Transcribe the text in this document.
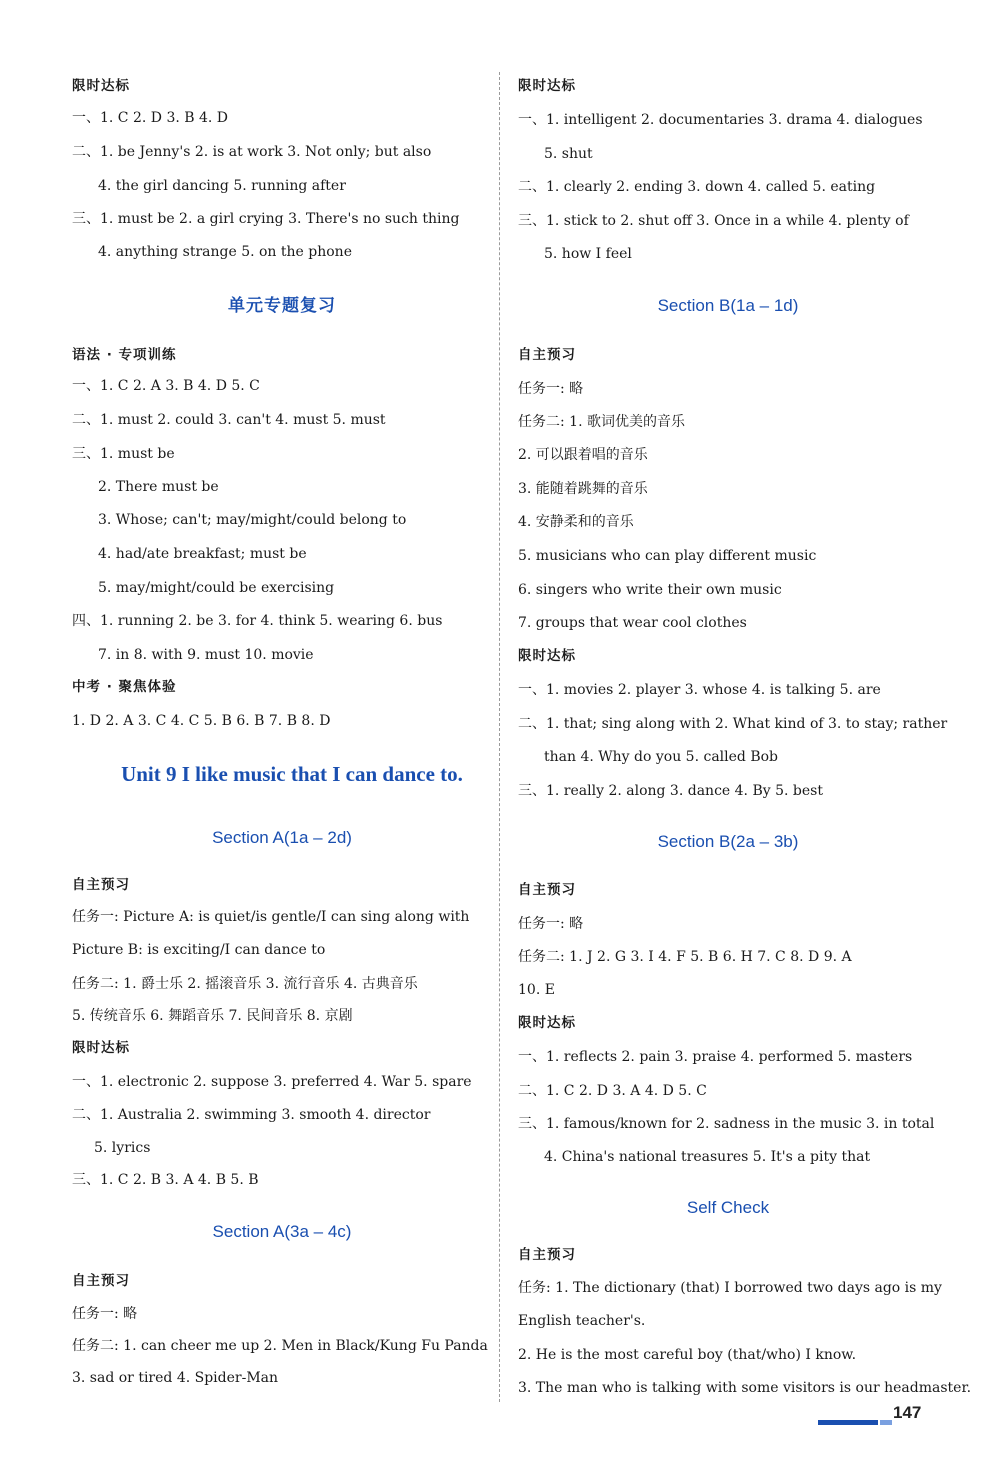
限时达标
一、1. C 2. D 3. B 4. D
二、1. be Jenny's 2. is at work 3. Not only; but also
4. the girl dancing 5. running after
三、1. must be 2. a girl crying 3. There's no such thing
4. anything strange 5. on the phone
单元专题复习
语法 · 专项训练
一、1. C 2. A 3. B 4. D 5. C
二、1. must 2. could 3. can't 4. must 5. must
三、1. must be
2. There must be
3. Whose; can't; may/might/could belong to
4. had/ate breakfast; must be
5. may/might/could be exercising
四、1. running 2. be 3. for 4. think 5. wearing 6. bus
7. in 8. with 9. must 10. movie
中考 · 聚焦体验
1. D 2. A 3. C 4. C 5. B 6. B 7. B 8. D
Unit 9 I like music that I can dance to.
Section A(1a – 2d)
自主预习
任务一: Picture A: is quiet/is gentle/I can sing along with
Picture B: is exciting/I can dance to
任务二: 1. 爵士乐 2. 摇滚音乐 3. 流行音乐 4. 古典音乐
5. 传统音乐 6. 舞蹈音乐 7. 民间音乐 8. 京剧
限时达标
一、1. electronic 2. suppose 3. preferred 4. War 5. spare
二、1. Australia 2. swimming 3. smooth 4. director
5. lyrics
三、1. C 2. B 3. A 4. B 5. B
Section A(3a – 4c)
自主预习
任务一: 略
任务二: 1. can cheer me up 2. Men in Black/Kung Fu Panda
3. sad or tired 4. Spider-Man
限时达标
一、1. intelligent 2. documentaries 3. drama 4. dialogues
5. shut
二、1. clearly 2. ending 3. down 4. called 5. eating
三、1. stick to 2. shut off 3. Once in a while 4. plenty of
5. how I feel
Section B(1a – 1d)
自主预习
任务一: 略
任务二: 1. 歌词优美的音乐
2. 可以跟着唱的音乐
3. 能随着跳舞的音乐
4. 安静柔和的音乐
5. musicians who can play different music
6. singers who write their own music
7. groups that wear cool clothes
限时达标
一、1. movies 2. player 3. whose 4. is talking 5. are
二、1. that; sing along with 2. What kind of 3. to stay; rather
than 4. Why do you 5. called Bob
三、1. really 2. along 3. dance 4. By 5. best
Section B(2a – 3b)
自主预习
任务一: 略
任务二: 1. J 2. G 3. I 4. F 5. B 6. H 7. C 8. D 9. A
10. E
限时达标
一、1. reflects 2. pain 3. praise 4. performed 5. masters
二、1. C 2. D 3. A 4. D 5. C
三、1. famous/known for 2. sadness in the music 3. in total
4. China's national treasures 5. It's a pity that
Self Check
自主预习
任务: 1. The dictionary (that) I borrowed two days ago is my
English teacher's.
2. He is the most careful boy (that/who) I know.
3. The man who is talking with some visitors is our headmaster.
147
